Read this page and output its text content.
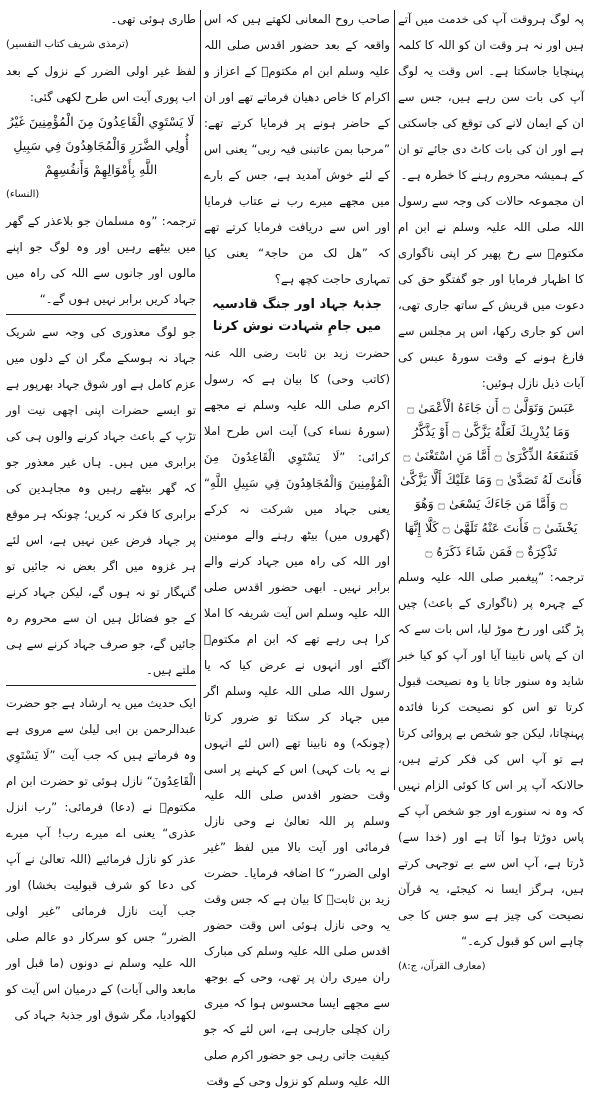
پہ لوگ ہروقت آپ کی خدمت میں آتے ہیں اور نہ ہر وقت ان کو اللہ کا کلمہ پہنچایا جاسکتا ہے۔ اس وقت یہ لوگ آپ کی بات سن رہے ہیں، جس سے ان کے ایمان لانے کی توقع کی جاسکتی ہے اور ان کی بات کاٹ دی جائے تو ان کے ہمیشہ محروم رہنے کا خطرہ ہے۔
ان مجموعہ حالات کی وجہ سے رسول اللہ صلی اللہ علیہ وسلم نے ابن ام مکتومؓ سے رخ پھیر کر اپنی ناگواری کا اظہار فرمایا اور جو گفتگو حق کی دعوت میں قریش کے ساتھ جاری تھی، اس کو جاری رکھا، اس پر مجلس سے فارغ ہونے کے وقت سورۂ عبس کی آیات ذیل نازل ہوئیں:
عَبَسَ وَتَوَلَّىٰ ۝ أَن جَاءَهُ الْأَعْمَىٰ ۝ وَمَا يُدْرِيكَ لَعَلَّهُ يَزَّكَّىٰ ۝ أَوْ يَذَّكَّرُ فَتَنفَعَهُ الذِّكْرَىٰ ۝ أَمَّا مَنِ اسْتَغْنَىٰ ۝ فَأَنتَ لَهُ تَصَدَّىٰ ۝ وَمَا عَلَيْكَ أَلَّا يَزَّكَّىٰ ۝ وَأَمَّا مَن جَاءَكَ يَسْعَىٰ ۝ وَهُوَ يَخْشَىٰ ۝ فَأَنتَ عَنْهُ تَلَهَّىٰ ۝ كَلَّا إِنَّهَا تَذْكِرَةٌ ۝ فَمَن شَاءَ ذَكَرَهُ ۝
ترجمہ: ”پیغمبر صلی اللہ علیہ وسلم کے چہرہ پر (ناگواری کے باعث) چیں پڑ گئی اور رخ موڑ لیا، اس بات سے کہ ان کے پاس نابینا آیا اور آپ کو کیا خبر شاید وہ سنور جاتا یا وہ نصیحت قبول کرتا تو اس کو نصیحت کرنا فائدہ پہنچاتا، لیکن جو شخص بے پروائی کرتا ہے تو آپ اس کی فکر کرتے ہیں، حالانکہ آپ پر اس کا کوئی الزام نہیں کہ وہ نہ سنورے اور جو شخص آپ کے پاس دوڑتا ہوا آتا ہے اور (خدا سے) ڈرتا ہے، آپ اس سے بے توجہی کرتے ہیں، ہرگز ایسا نہ کیجئے، یہ قرآن نصیحت کی چیز ہے سو جس کا جی چاہے اس کو قبول کرے۔“
(معارف القرآن، ج:۸)
صاحب روح المعانی لکھتے ہیں کہ اس واقعہ کے بعد حضور اقدس صلی اللہ علیہ وسلم ابن ام مکتومؓ کے اعزاز و اکرام کا خاص دھیان فرماتے تھے اور ان کے حاضر ہونے پر فرمایا کرتے تھے: ”مرحبا بمن عاتبنی فیہ ربی“ یعنی اس کے لئے خوش آمدید ہے، جس کے بارے میں مجھے میرے رب نے عتاب فرمایا اور اس سے دریافت فرمایا کرتے تھے کہ ”ھل لک من حاجۃ“ یعنی کیا تمہاری حاجت کچھ ہے؟
جذبۂ جہاد اور جنگ قادسیہ میں جامِ شہادت نوش کرنا
حضرت زید بن ثابت رضی اللہ عنہ (کاتب وحی) کا بیان ہے کہ رسول اکرم صلی اللہ علیہ وسلم نے مجھے (سورۂ نساء کی) آیت اس طرح املا کرائی: ”لَا يَسْتَوِي الْقَاعِدُونَ مِنَ الْمُؤْمِنِينَ وَالْمُجَاهِدُونَ فِي سَبِيلِ اللَّهِ“ یعنی جہاد میں شرکت نہ کرکے (گھروں میں) بیٹھ رہنے والے مومنین اور اللہ کی راہ میں جہاد کرنے والے برابر نہیں۔ ابھی حضور اقدس صلی اللہ علیہ وسلم اس آیت شریفہ کا املا کرا ہی رہے تھے کہ ابن ام مکتومؓ آگئے اور انہوں نے عرض کیا کہ یا رسول اللہ صلی اللہ علیہ وسلم اگر میں جہاد کر سکتا تو ضرور کرتا (چونکہ) وہ نابینا تھے (اس لئے انہوں نے یہ بات کہی) اس کے کہنے پر اسی وقت حضور اقدس صلی اللہ علیہ وسلم پر اللہ تعالیٰ نے وحی نازل فرمائی اور آیت بالا میں لفظ ”غیر اولی الضرر“ کا اضافہ فرمایا۔ حضرت زید بن ثابتؓ کا بیان ہے کہ جس وقت یہ وحی نازل ہوئی اس وقت حضور اقدس صلی اللہ علیہ وسلم کی مبارک ران میری ران پر تھی، وحی کے بوجھ سے مجھے ایسا محسوس ہوا کہ میری ران کچلی جارہی ہے، اس لئے کہ جو کیفیت جاتی رہی جو حضور اکرم صلی اللہ علیہ وسلم کو نزول وحی کے وقت
طاری ہوئی تھی۔
(ترمذی شریف کتاب التفسیر)
لفظ غیر اولی الضرر کے نزول کے بعد اب پوری آیت اس طرح لکھی گئی:
لَا يَسْتَوِي الْقَاعِدُونَ مِنَ الْمُؤْمِنِينَ غَيْرُ أُولِي الضَّرَرِ وَالْمُجَاهِدُونَ فِي سَبِيلِ اللَّهِ بِأَمْوَالِهِمْ وَأَنفُسِهِمْ
(النساء)
ترجمہ: ”وہ مسلمان جو بلاعذر کے گھر میں بیٹھے رہیں اور وہ لوگ جو اپنے مالوں اور جانوں سے اللہ کی راہ میں جہاد کریں برابر نہیں ہوں گے۔“
جو لوگ معذوری کی وجہ سے شریک جہاد نہ ہوسکے مگر ان کے دلوں میں عزم کامل ہے اور شوق جہاد بھرپور ہے تو ایسے حضرات اپنی اچھی نیت اور تڑپ کے باعث جہاد کرنے والوں ہی کی برابری میں ہیں۔ ہاں غیر معذور جو کہ گھر بیٹھے رہیں وہ مجاہدین کی برابری کا فکر نہ کریں؛ چونکہ ہر موقع پر جہاد فرض عین نہیں ہے، اس لئے ہر غزوہ میں اگر بعض نہ جائیں تو گنہگار تو نہ ہوں گے، لیکن جہاد کرنے کے جو فضائل ہیں ان سے محروم رہ جائیں گے، جو صرف جہاد کرنے سے ہی ملتے ہیں۔
ایک حدیث میں یہ ارشاد ہے جو حضرت عبدالرحمن بن ابی لیلیٰ سے مروی ہے وہ فرماتے ہیں کہ جب آیت ”لَا يَسْتَوِي الْقَاعِدُونَ“ نازل ہوئی تو حضرت ابن ام مکتومؓ نے (دعا) فرمائی: ”رب انزل عذری“ یعنی اے میرے رب! آپ میرے عذر کو نازل فرمائیے (اللہ تعالیٰ نے آپ کی دعا کو شرف قبولیت بخشا) اور جب آیت نازل فرمائی ”غیر اولی الضرر“ جس کو سرکار دو عالم صلی اللہ علیہ وسلم نے دونوں (ما قبل اور مابعد والی آیات) کے درمیان اس آیت کو لکھوادیا، مگر شوق اور جذبۂ جہاد کی
